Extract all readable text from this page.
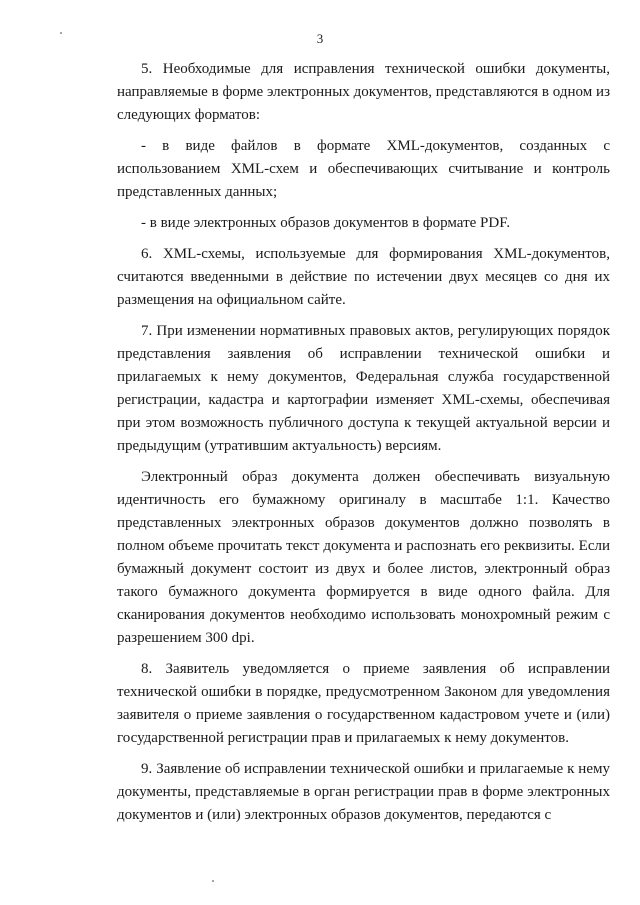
3

5. Необходимые для исправления технической ошибки документы, направляемые в форме электронных документов, представляются в одном из следующих форматов:

- в виде файлов в формате XML-документов, созданных с использованием XML-схем и обеспечивающих считывание и контроль представленных данных;

- в виде электронных образов документов в формате PDF.

6. XML-схемы, используемые для формирования XML-документов, считаются введенными в действие по истечении двух месяцев со дня их размещения на официальном сайте.

7. При изменении нормативных правовых актов, регулирующих порядок представления заявления об исправлении технической ошибки и прилагаемых к нему документов, Федеральная служба государственной регистрации, кадастра и картографии изменяет XML-схемы, обеспечивая при этом возможность публичного доступа к текущей актуальной версии и предыдущим (утратившим актуальность) версиям.

Электронный образ документа должен обеспечивать визуальную идентичность его бумажному оригиналу в масштабе 1:1. Качество представленных электронных образов документов должно позволять в полном объеме прочитать текст документа и распознать его реквизиты. Если бумажный документ состоит из двух и более листов, электронный образ такого бумажного документа формируется в виде одного файла. Для сканирования документов необходимо использовать монохромный режим с разрешением 300 dpi.

8. Заявитель уведомляется о приеме заявления об исправлении технической ошибки в порядке, предусмотренном Законом для уведомления заявителя о приеме заявления о государственном кадастровом учете и (или) государственной регистрации прав и прилагаемых к нему документов.

9. Заявление об исправлении технической ошибки и прилагаемые к нему документы, представляемые в орган регистрации прав в форме электронных документов и (или) электронных образов документов, передаются с
